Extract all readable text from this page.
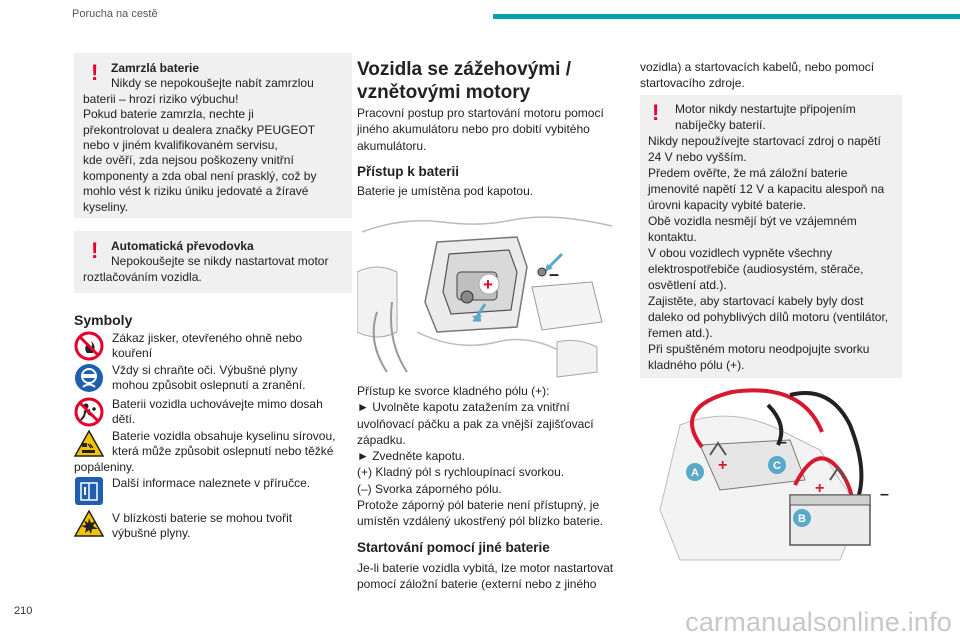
Porucha na cestě
!	Zamrzlá baterie

Nikdy se nepokoušejte nabít zamrzlou

baterii – hrozí riziko výbuchu!

Pokud baterie zamrzla, nechte ji

překontrolovat u dealera značky PEUGEOT

nebo v jiném kvalifikovaném servisu,

kde ověří, zda nejsou poškozeny vnitřní

komponenty a zda obal není prasklý, což by

mohlo vést k riziku úniku jedovaté a žíravé

kyseliny.

!	Automatická převodovka

Nepokoušejte se nikdy nastartovat motor

roztlačováním vozidla.

Symboly
Zákaz jisker, otevřeného ohně nebo
kouření
Vždy si chraňte oči. Výbušné plyny
mohou způsobit oslepnutí a zranění.
Baterii vozidla uchovávejte mimo dosah
dětí.
Baterie vozidla obsahuje kyselinu sírovou,
která může způsobit oslepnutí nebo těžké
popáleniny.
Další informace naleznete v příručce.
V blízkosti baterie se mohou tvořit
výbušné plyny.
Vozidla se zážehovými /
vznětovými motory
Pracovní postup pro startování motoru pomocí
jiného akumulátoru nebo pro dobití vybitého
akumulátoru.
Přístup k baterii
Baterie je umístěna pod kapotou.
+
–
Přístup ke svorce kladného pólu (+):
► Uvolněte kapotu zatažením za vnitřní
uvolňovací páčku a pak za vnější zajišťovací
západku.
► Zvedněte kapotu.
(+) Kladný pól s rychloupínací svorkou.
(–) Svorka záporného pólu.
Protože záporný pól baterie není přístupný, je
umístěn vzdálený ukostřený pól blízko baterie.
Startování pomocí jiné baterie
Je-li baterie vozidla vybitá, lze motor nastartovat
pomocí záložní baterie (externí nebo z jiného
vozidla) a startovacích kabelů, nebo pomocí
startovacího zdroje.
!	Motor nikdy nestartujte připojením

nabíječky baterií.

Nikdy nepoužívejte startovací zdroj o napětí

24 V nebo vyšším.

Předem ověřte, že má záložní baterie

jmenovité napětí 12 V a kapacitu alespoň na

úrovni kapacity vybité baterie.

Obě vozidla nesmějí být ve vzájemném

kontaktu.

V obou vozidlech vypněte všechny

elektrospotřebiče (audiosystém, stěrače,

osvětlení atd.).

Zajistěte, aby startovací kabely byly dost

daleko od pohyblivých dílů motoru (ventilátor,

řemen atd.).

Při spuštěném motoru neodpojujte svorku

kladného pólu (+).

+
+
–
–
A
B
C
210	carmanualsonline.info
